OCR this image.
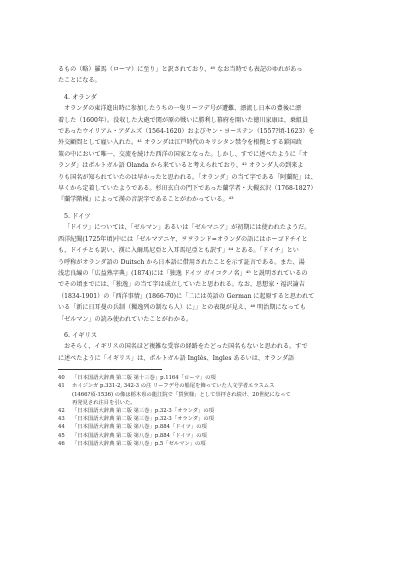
るもの（略）羅馬（ローマ）に至り」と訳されており、⁴⁰ なお当時でも表記のゆれがあっ
たことになる。
4. オランダ
オランダの東洋進出時に参加したうちの一隻リーフデ号が遭難、漂流し日本の豊後に漂
着した（1600年）。没収した大砲で関が原の戦いに勝利し幕府を開いた徳川家康は、乗組員
であったウイリアム・アダムズ（1564-1620）およびヤン・ヨーステン（1557?頃-1623）を
外交顧問として雇い入れた。⁴¹ オランダは江戸時代のキリシタン禁令を根拠とする鎖国政
策の中において唯一、交流を続けた西洋の国家となった。しかし、すでに述べたように「オ
ランダ」はポルトガル語 Olanda から来ていると考えられており、⁴² オランダ人の到来よ
りも国名が知られていたのは早かったと思われる。「オランダ」の当て字である「阿蘭陀」は、
早くから定着していたようである。杉田玄白の門下であった蘭学者・大槻玄沢（1768-1827）
『蘭学階梯』によって漢の音訳字であることがわかっている。⁴³
5. ドイツ
「ドイツ」については、「ゼルマン」あるいは「ゼルマニア」が初期には使われたようだ。
西洋紀聞(1725年頃)中には「ゼルマアニヤ、ヲヲランド=オランダの語にはホーゴドチイと
も、ドイチとも訳い、漢に入爾馬尼亞と入耳馬尼亞とも訳す」⁴⁴ とある。「ドイチ」とい
う呼称がオランダ語の Duitsch から日本語に借用されたことを示す証言である。また、湯
浅忠良編の「広益熟字典」(1874)には「独逸 ドイツ ガイコクノ名」⁴⁵ と説明されているの
でその頃までには、「独逸」の当て字は成立していたと思われる。なお、思想家・福沢諭吉
（1834-1901）の「西洋事情」(1866-70)に「二には英語の German に起原すると思われて
いる「新に日耳曼の兵制（獨逸列の制なら人）に」」との表現が見え、⁴⁶ 明治期になっても
「ゼルマン」の読み使われていたことがわかる。
6. イギリス
おそらく、イギリスの国名ほど複雑な受容の経路をたどった国名もないと思われる。すで
に述べたように「イギリス」は、ポルトガル語 Inglês、Ingles あるいは、オランダ語
40 「日本国語大辞典 第二版 第十三巻」p.1164「ローマ」の項
41 ホイジンガ p.331-2, 342-3 の注 リーフデ号の船尾を飾っていた人文学者エラスムス
(1466?頃-1536) の像は栃木県の龍江院で「貨狄様」として崇拝され続け、20世紀になって
再発見され注目を引いた。
42 「日本国語大辞典 第二版 第三巻」p.32-3「オランダ」の項
43 「日本国語大辞典 第二版 第三巻」p.32-3「オランダ」の項
44 「日本国語大辞典 第二版 第八巻」p.884「ドイツ」の項
45 「日本国語大辞典 第二版 第八巻」p.884「ドイツ」の項
46 「日本国語大辞典 第二版 第八巻」p.5「ゼルマン」の項
